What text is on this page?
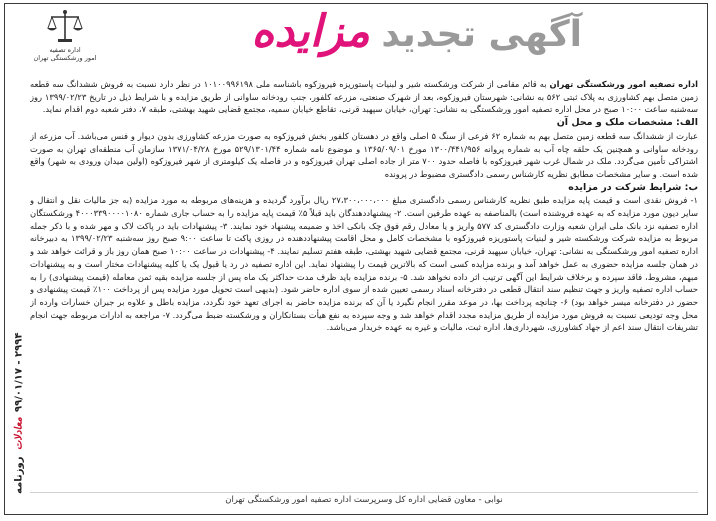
روزنامه
معادلات
۹۹/۰۱/۱۷ - ۲۹۹۴
اداره تصفیه
امور ورشکستگی تهران
آگهی تجدید مزایده

اداره تصفیه امور ورشکستگی تهران به قائم مقامی از شرکت ورشکسته شیر و لبنیات پاستوریزه فیروزکوه باشناسه ملی ۱۰۱۰۰۹۹۶۱۹۸ در نظر دارد نسبت به فروش ششدانگ سه قطعه زمین متصل بهم کشاورزی به پلاک ثبتی ۵۶۲ به نشانی: شهرستان فیروزکوه، بعد از شهرک صنعتی، مزرعه کلفور، جنب رودخانه ساوانی از طریق مزایده و با شرایط ذیل در تاریخ ۱۳۹۹/۰۲/۲۳ روز سه‌شنبه ساعت ۱۰:۰۰ صبح در محل اداره تصفیه امور ورشکستگی به نشانی: تهران، خیابان سپهبد قرنی، تقاطع خیابان سمیه، مجتمع قضایی شهید بهشتی، طبقه ۷، دفتر شعبه دوم اقدام نماید.

الف: مشخصات ملک و محل آن

عبارت از ششدانگ سه قطعه زمین متصل بهم به شماره ۶۲ فرعی از سنگ ۵ اصلی واقع در دهستان کلفور بخش فیروزکوه به صورت مزرعه کشاورزی بدون دیوار و فنس می‌باشد. آب مزرعه از رودخانه ساوانی و همچنین یک حلقه چاه آب به شماره پروانه ۱۳۰۰/۴۴۱/۹۵۶ مورخ ۱۳۶۵/۰۹/۰۱ و موضوع نامه شماره ۵۲۹/۱۳۰۱/۴۴ مورخ ۱۳۷۱/۰۴/۲۸ سازمان آب منطقه‌ای تهران به صورت اشتراکی تأمین می‌گردد. ملک در شمال غرب شهر فیروزکوه با فاصله حدود ۷۰۰ متر از جاده اصلی تهران فیروزکوه و در فاصله یک کیلومتری از شهر فیروزکوه (اولین میدان ورودی به شهر) واقع شده است. و سایر مشخصات مطابق نظریه کارشناس رسمی دادگستری مضبوط در پرونده

ب: شرایط شرکت در مزایده

۱- فروش نقدی است و قیمت پایه مزایده طبق نظریه کارشناس رسمی دادگستری مبلغ ۲۷،۳۰۰،۰۰۰،۰۰۰ ریال برآورد گردیده و هزینه‌های مربوطه به مورد مزایده (به جز مالیات نقل و انتقال و سایر دیون مورد مزایده که به عهده فروشنده است) بالمناصفه به عهده طرفین است. ۲- پیشنهاددهندگان باید قبلاً ۵٪ قیمت پایه مزایده را به حساب جاری شماره ۴۰۰۰۳۳۹۰۰۰۰۱۰۸۰ ورشکستگان اداره تصفیه نزد بانک ملی ایران شعبه وزارت دادگستری کد ۵۷۷ واریز و یا معادل رقم فوق چک بانکی اخذ و ضمیمه پیشنهاد خود نمایند. ۳- پیشنهادات باید در پاکت لاک و مهر شده و با ذکر جمله مربوط به مزایده شرکت ورشکسته شیر و لبنیات پاستوریزه فیروزکوه با مشخصات کامل و محل اقامت پیشنهاددهنده در روزی پاکت تا ساعت ۹:۰۰ صبح روز سه‌شنبه ۱۳۹۹/۰۲/۲۳ به دبیرخانه اداره تصفیه امور ورشکستگی به نشانی: تهران، خیابان سپهبد قرنی، مجتمع قضایی شهید بهشتی، طبقه هفتم تسلیم نمایند. ۴- پیشنهادات در ساعت ۱۰:۰۰ صبح همان روز باز و قرائت خواهد شد و در همان جلسه مزایده حضوری به عمل خواهد آمد و برنده مزایده کسی است که بالاترین قیمت را پیشنهاد نماید. این اداره تصفیه در رد یا قبول یک یا کلیه پیشنهادات مختار است و به پیشنهادات مبهم، مشروط، فاقد سپرده و برخلاف شرایط این آگهی ترتیب اثر داده نخواهد شد. ۵- برنده مزایده باید ظرف مدت حداکثر یک ماه پس از جلسه مزایده بقیه ثمن معامله (قیمت پیشنهادی) را به حساب اداره تصفیه واریز و جهت تنظیم سند انتقال قطعی در دفترخانه اسناد رسمی تعیین شده از سوی اداره حاضر شود. (بدیهی است تحویل مورد مزایده پس از پرداخت ۱۰۰٪ قیمت پیشنهادی و حضور در دفترخانه میسر خواهد بود) ۶- چنانچه پرداخت بها، در موعد مقرر انجام نگیرد یا آن که برنده مزایده حاضر به اجرای تعهد خود نگردد، مزایده باطل و علاوه بر جبران خسارات وارده از محل وجه تودیعی نسبت به فروش مورد مزایده از طریق مزایده مجدد اقدام خواهد شد و وجه سپرده به نفع هیأت بستانکاران و ورشکسته ضبط می‌گردد. ۷- مراجعه به ادارات مربوطه جهت انجام تشریفات انتقال سند اعم از جهاد کشاورزی، شهرداری‌ها، اداره ثبت، مالیات و غیره به عهده خریدار می‌باشد.

نوابی - معاون قضایی اداره کل وسرپرست اداره تصفیه امور ورشکستگی تهران
